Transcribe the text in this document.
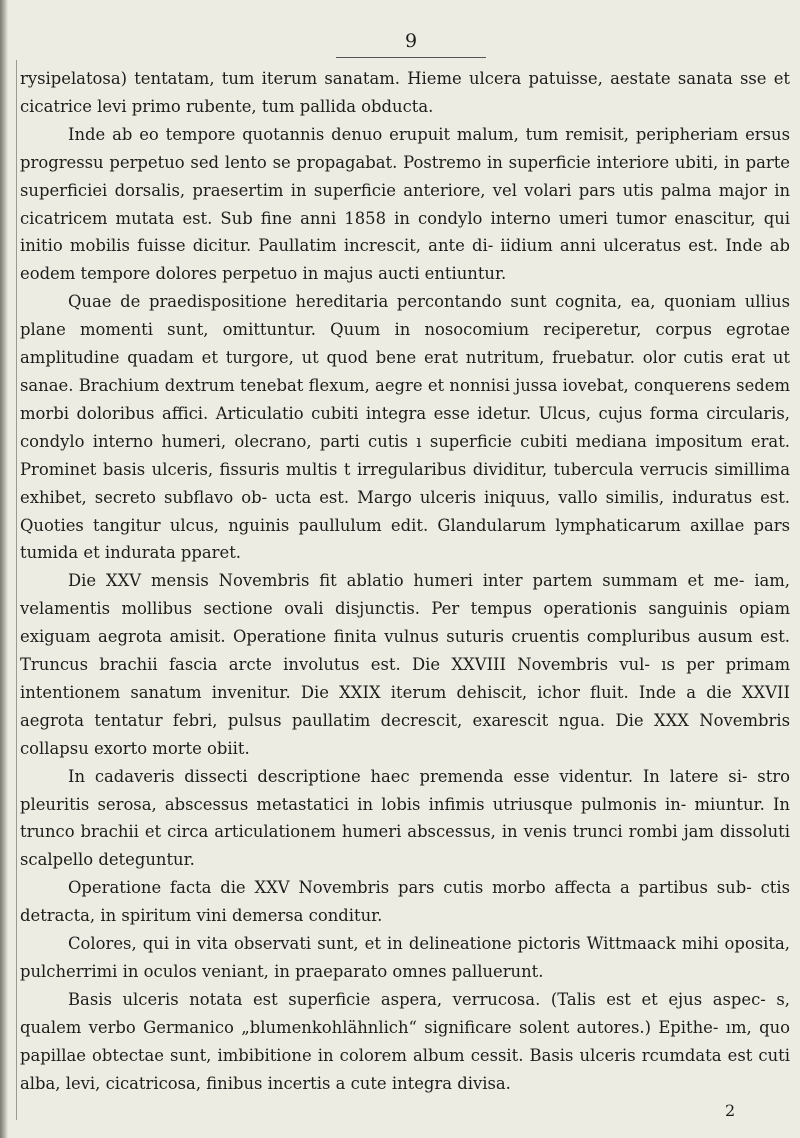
9

rysipelatosa) tentatam, tum iterum sanatam. Hieme ulcera patuisse, aestate sanata sse et cicatrice levi primo rubente, tum pallida obducta.

Inde ab eo tempore quotannis denuo erupuit malum, tum remisit, peripheriam ersus progressu perpetuo sed lento se propagabat. Postremo in superficie interiore ubiti, in parte superficiei dorsalis, praesertim in superficie anteriore, vel volari pars utis palma major in cicatricem mutata est. Sub fine anni 1858 in condylo interno umeri tumor enascitur, qui initio mobilis fuisse dicitur. Paullatim increscit, ante di- iidium anni ulceratus est. Inde ab eodem tempore dolores perpetuo in majus aucti entiuntur.

Quae de praedispositione hereditaria percontando sunt cognita, ea, quoniam ullius plane momenti sunt, omittuntur. Quum in nosocomium reciperetur, corpus egrotae amplitudine quadam et turgore, ut quod bene erat nutritum, fruebatur. olor cutis erat ut sanae. Brachium dextrum tenebat flexum, aegre et nonnisi jussa iovebat, conquerens sedem morbi doloribus affici. Articulatio cubiti integra esse idetur. Ulcus, cujus forma circularis, condylo interno humeri, olecrano, parti cutis ı superficie cubiti mediana impositum erat. Prominet basis ulceris, fissuris multis t irregularibus dividitur, tubercula verrucis simillima exhibet, secreto subflavo ob- ucta est. Margo ulceris iniquus, vallo similis, induratus est. Quoties tangitur ulcus, nguinis paullulum edit. Glandularum lymphaticarum axillae pars tumida et indurata pparet.

Die XXV mensis Novembris fit ablatio humeri inter partem summam et me- iam, velamentis mollibus sectione ovali disjunctis. Per tempus operationis sanguinis opiam exiguam aegrota amisit. Operatione finita vulnus suturis cruentis compluribus ausum est. Truncus brachii fascia arcte involutus est. Die XXVIII Novembris vul- ıs per primam intentionem sanatum invenitur. Die XXIX iterum dehiscit, ichor fluit. Inde a die XXVII aegrota tentatur febri, pulsus paullatim decrescit, exarescit ngua. Die XXX Novembris collapsu exorto morte obiit.

In cadaveris dissecti descriptione haec premenda esse videntur. In latere si- stro pleuritis serosa, abscessus metastatici in lobis infimis utriusque pulmonis in- miuntur. In trunco brachii et circa articulationem humeri abscessus, in venis trunci rombi jam dissoluti scalpello deteguntur.

Operatione facta die XXV Novembris pars cutis morbo affecta a partibus sub- ctis detracta, in spiritum vini demersa conditur.

Colores, qui in vita observati sunt, et in delineatione pictoris Wittmaack mihi oposita, pulcherrimi in oculos veniant, in praeparato omnes palluerunt.

Basis ulceris notata est superficie aspera, verrucosa. (Talis est et ejus aspec- s, qualem verbo Germanico „blumenkohlähnlich“ significare solent autores.) Epithe- ım, quo papillae obtectae sunt, imbibitione in colorem album cessit. Basis ulceris rcumdata est cuti alba, levi, cicatricosa, finibus incertis a cute integra divisa.

2
